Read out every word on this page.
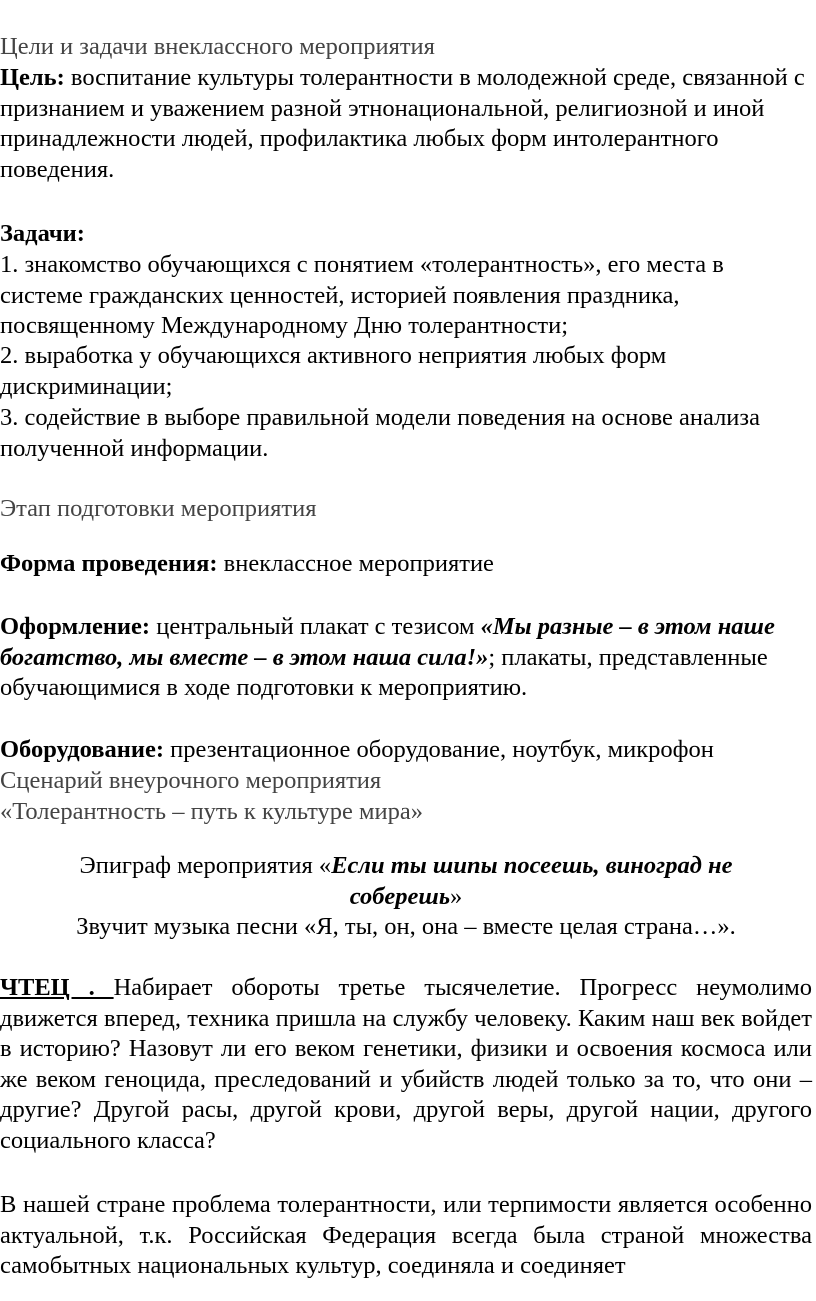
Цели и задачи внеклассного мероприятия

Цель: воспитание культуры толерантности в молодежной среде, связанной с признанием и уважением разной этнонациональной, религиозной и иной принадлежности людей, профилактика любых форм интолерантного поведения.

Задачи:

1. знакомство обучающихся с понятием «толерантность», его места в системе гражданских ценностей, историей появления праздника, посвященному Международному Дню толерантности;

2. выработка у обучающихся активного неприятия любых форм дискриминации;

3. содействие в выборе правильной модели поведения на основе анализа полученной информации.

Этап подготовки мероприятия

Форма проведения: внеклассное мероприятие

Оформление: центральный плакат с тезисом «Мы разные – в этом наше богатство, мы вместе – в этом наша сила!»; плакаты, представленные обучающимися в ходе подготовки к мероприятию.

Оборудование: презентационное оборудование, ноутбук, микрофон

Сценарий внеурочного мероприятия

«Толерантность – путь к культуре мира»

Эпиграф мероприятия «Если ты шипы посеешь, виноград не соберешь»

Звучит музыка песни «Я, ты, он, она – вместе целая страна…».

ЧТЕЦ . Набирает обороты третье тысячелетие. Прогресс неумолимо движется вперед, техника пришла на службу человеку. Каким наш век войдет в историю? Назовут ли его веком генетики, физики и освоения космоса или же веком геноцида, преследований и убийств людей только за то, что они – другие? Другой расы, другой крови, другой веры, другой нации, другого социального класса?

В нашей стране проблема толерантности, или терпимости является особенно актуальной, т.к. Российская Федерация всегда была страной множества самобытных национальных культур, соединяла и соединяет
